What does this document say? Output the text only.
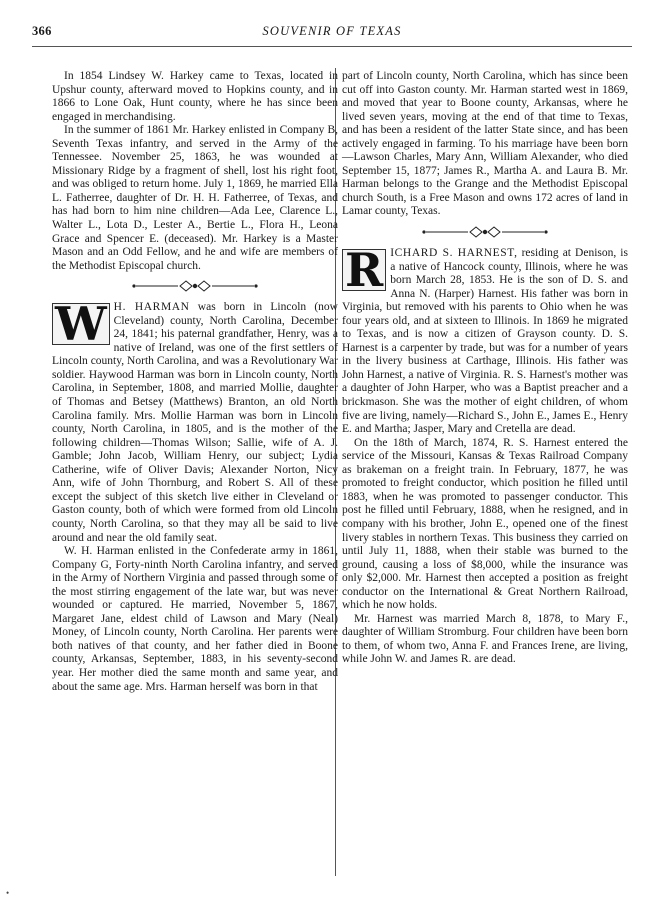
366	SOUVENIR OF TEXAS

In 1854 Lindsey W. Harkey came to Texas, located in Upshur county, afterward moved to Hopkins county, and in 1866 to Lone Oak, Hunt county, where he has since been engaged in merchandising.

In the summer of 1861 Mr. Harkey enlisted in Company B, Seventh Texas infantry, and served in the Army of the Tennessee. November 25, 1863, he was wounded at Missionary Ridge by a fragment of shell, lost his right foot, and was obliged to return home. July 1, 1869, he married Ella L. Fatherree, daughter of Dr. H. H. Fatherree, of Texas, and has had born to him nine children—Ada Lee, Clarence L., Walter L., Lota D., Lester A., Bertie L., Flora H., Leona Grace and Spencer E. (deceased). Mr. Harkey is a Master Mason and an Odd Fellow, and he and wife are members of the Methodist Episcopal church.

W H. HARMAN was born in Lincoln (now Cleveland) county, North Carolina, December 24, 1841; his paternal grandfather, Henry, was a native of Ireland, was one of the first settlers of Lincoln county, North Carolina, and was a Revolutionary War soldier. Haywood Harman was born in Lincoln county, North Carolina, in September, 1808, and married Mollie, daughter of Thomas and Betsey (Matthews) Branton, an old North Carolina family. Mrs. Mollie Harman was born in Lincoln county, North Carolina, in 1805, and is the mother of the following children—Thomas Wilson; Sallie, wife of A. J. Gamble; John Jacob, William Henry, our subject; Lydia Catherine, wife of Oliver Davis; Alexander Norton, Nicy Ann, wife of John Thornburg, and Robert S. All of these except the subject of this sketch live either in Cleveland or Gaston county, both of which were formed from old Lincoln county, North Carolina, so that they may all be said to live around and near the old family seat.

W. H. Harman enlisted in the Confederate army in 1861, Company G, Forty-ninth North Carolina infantry, and served in the Army of Northern Virginia and passed through some of the most stirring engagement of the late war, but was never wounded or captured. He married, November 5, 1867, Margaret Jane, eldest child of Lawson and Mary (Neal) Money, of Lincoln county, North Carolina. Her parents were both natives of that county, and her father died in Boone county, Arkansas, September, 1883, in his seventy-second year. Her mother died the same month and same year, and about the same age. Mrs. Harman herself was born in that

part of Lincoln county, North Carolina, which has since been cut off into Gaston county. Mr. Harman started west in 1869, and moved that year to Boone county, Arkansas, where he lived seven years, moving at the end of that time to Texas, and has been a resident of the latter State since, and has been actively engaged in farming. To his marriage have been born—Lawson Charles, Mary Ann, William Alexander, who died September 15, 1877; James R., Martha A. and Laura B. Mr. Harman belongs to the Grange and the Methodist Episcopal church South, is a Free Mason and owns 172 acres of land in Lamar county, Texas.

R ICHARD S. HARNEST, residing at Denison, is a native of Hancock county, Illinois, where he was born March 28, 1853. He is the son of D. S. and Anna N. (Harper) Harnest. His father was born in Virginia, but removed with his parents to Ohio when he was four years old, and at sixteen to Illinois. In 1869 he migrated to Texas, and is now a citizen of Grayson county. D. S. Harnest is a carpenter by trade, but was for a number of years in the livery business at Carthage, Illinois. His father was John Harnest, a native of Virginia. R. S. Harnest's mother was a daughter of John Harper, who was a Baptist preacher and a brickmason. She was the mother of eight children, of whom five are living, namely—Richard S., John E., James E., Henry E. and Martha; Jasper, Mary and Cretella are dead.

On the 18th of March, 1874, R. S. Harnest entered the service of the Missouri, Kansas & Texas Railroad Company as brakeman on a freight train. In February, 1877, he was promoted to freight conductor, which position he filled until 1883, when he was promoted to passenger conductor. This post he filled until February, 1888, when he resigned, and in company with his brother, John E., opened one of the finest livery stables in northern Texas. This business they carried on until July 11, 1888, when their stable was burned to the ground, causing a loss of $8,000, while the insurance was only $2,000. Mr. Harnest then accepted a position as freight conductor on the International & Great Northern Railroad, which he now holds.

Mr. Harnest was married March 8, 1878, to Mary F., daughter of William Stromburg. Four children have been born to them, of whom two, Anna F. and Frances Irene, are living, while John W. and James R. are dead.

•
